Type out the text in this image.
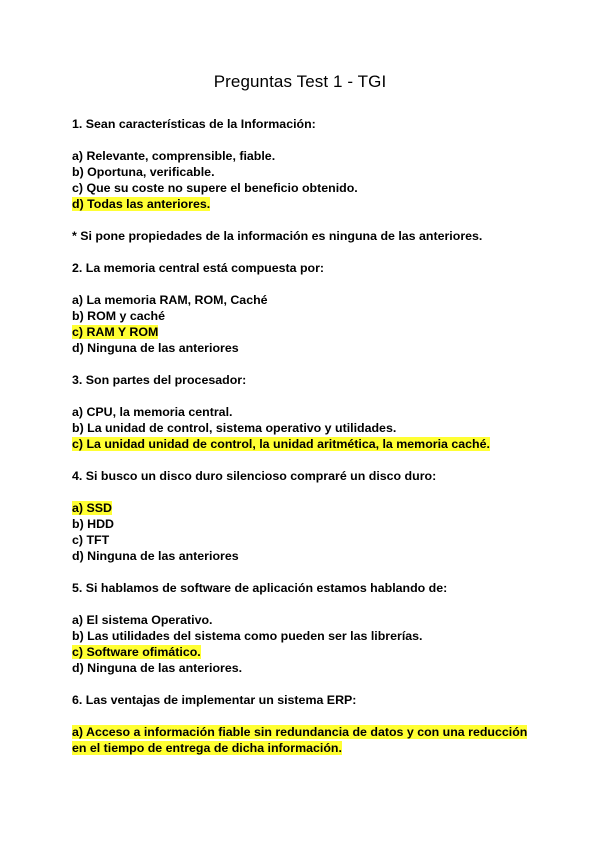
Preguntas Test 1 - TGI
1. Sean características de la Información:
a) Relevante, comprensible, fiable.
b) Oportuna, verificable.
c) Que su coste no supere el beneficio obtenido.
d) Todas las anteriores.
* Si pone propiedades de la información es ninguna de las anteriores.
2. La memoria central está compuesta por:
a) La memoria RAM, ROM, Caché
b) ROM y caché
c) RAM Y ROM
d) Ninguna de las anteriores
3. Son partes del procesador:
a) CPU, la memoria central.
b) La unidad de control, sistema operativo y utilidades.
c) La unidad unidad de control, la unidad aritmética, la memoria caché.
4. Si busco un disco duro silencioso compraré un disco duro:
a) SSD
b) HDD
c) TFT
d) Ninguna de las anteriores
5. Si hablamos de software de aplicación estamos hablando de:
a) El sistema Operativo.
b) Las utilidades del sistema como pueden ser las librerías.
c) Software ofimático.
d) Ninguna de las anteriores.
6. Las ventajas de implementar un sistema ERP:
a) Acceso a información fiable sin redundancia de datos y con una reducción
en el tiempo de entrega de dicha información.
